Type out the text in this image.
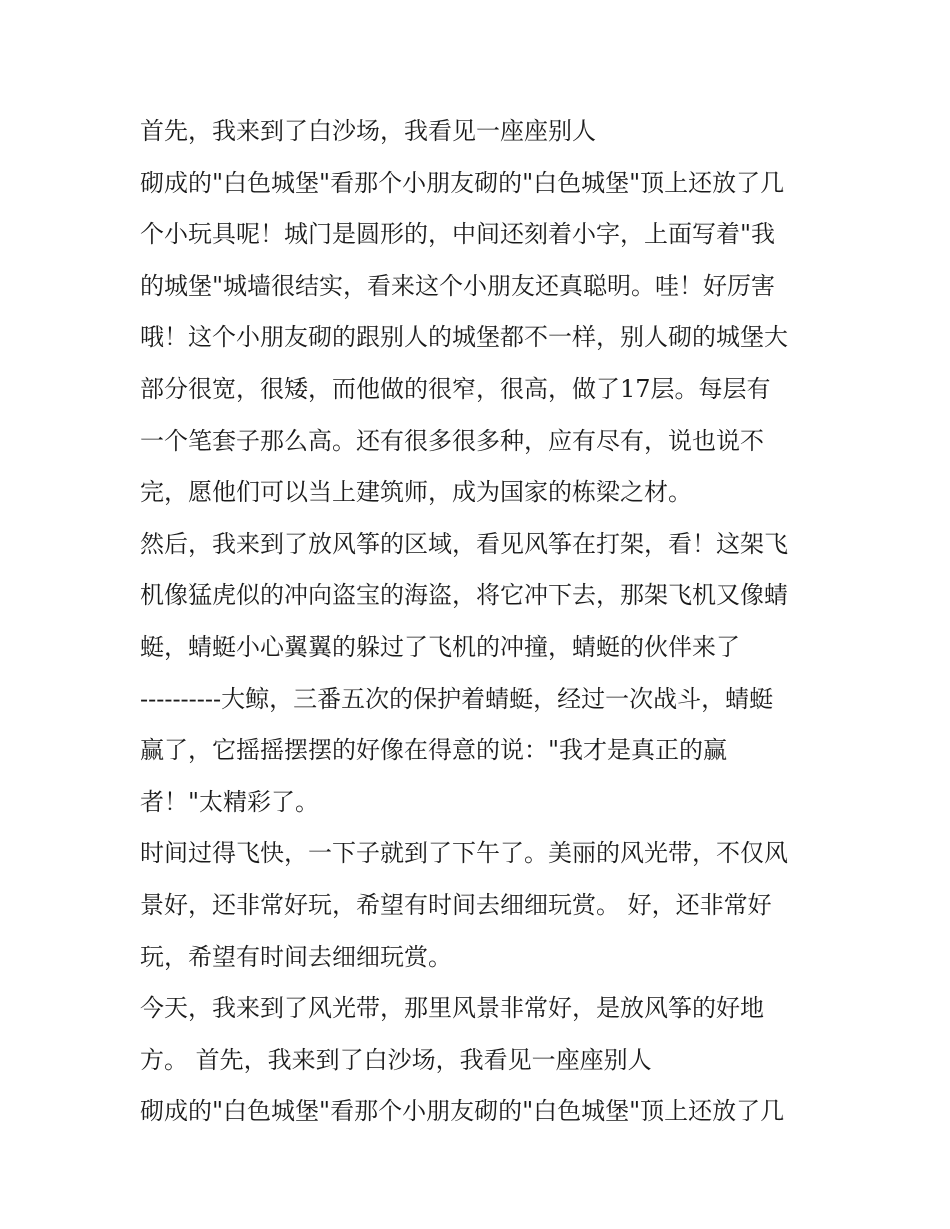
首先，我来到了白沙场，我看见一座座别人
砌成的"白色城堡"看那个小朋友砌的"白色城堡"顶上还放了几
个小玩具呢！城门是圆形的，中间还刻着小字，上面写着"我
的城堡"城墙很结实，看来这个小朋友还真聪明。哇！好厉害
哦！这个小朋友砌的跟别人的城堡都不一样，别人砌的城堡大
部分很宽，很矮，而他做的很窄，很高，做了17层。每层有
一个笔套子那么高。还有很多很多种，应有尽有，说也说不
完，愿他们可以当上建筑师，成为国家的栋梁之材。
然后，我来到了放风筝的区域，看见风筝在打架，看！这架飞
机像猛虎似的冲向盗宝的海盗，将它冲下去，那架飞机又像蜻
蜓，蜻蜓小心翼翼的躲过了飞机的冲撞，蜻蜓的伙伴来了
----------大鲸，三番五次的保护着蜻蜓，经过一次战斗，蜻蜓
赢了，它摇摇摆摆的好像在得意的说："我才是真正的赢
者！"太精彩了。
时间过得飞快，一下子就到了下午了。美丽的风光带，不仅风
景好，还非常好玩，希望有时间去细细玩赏。 好，还非常好
玩，希望有时间去细细玩赏。
今天，我来到了风光带，那里风景非常好，是放风筝的好地
方。 首先，我来到了白沙场，我看见一座座别人
砌成的"白色城堡"看那个小朋友砌的"白色城堡"顶上还放了几
